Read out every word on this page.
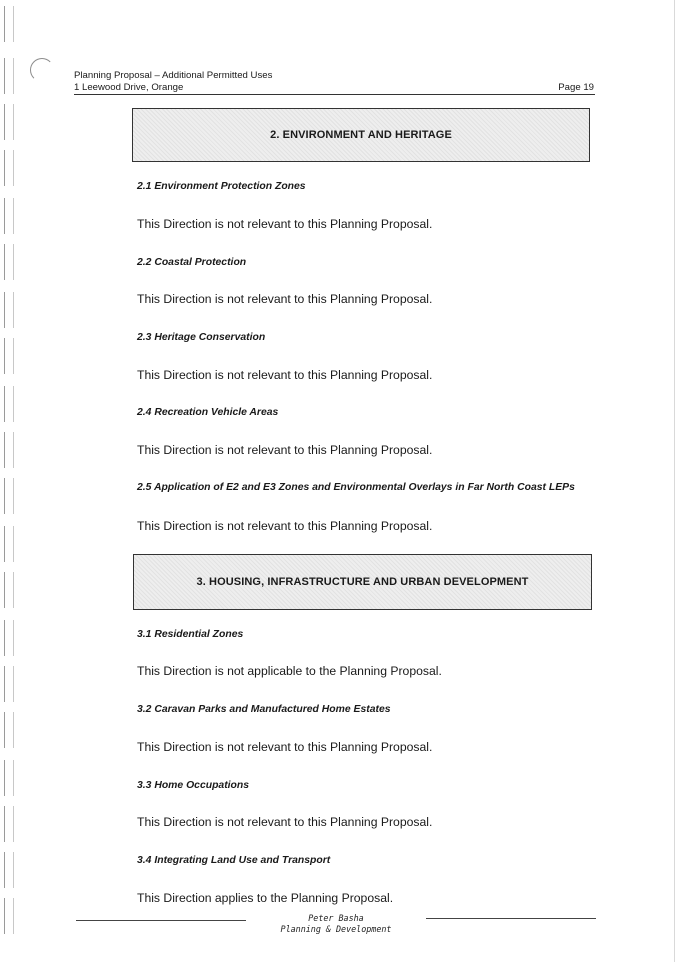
Planning Proposal – Additional Permitted Uses
1 Leewood Drive, Orange	Page 19
2. ENVIRONMENT AND HERITAGE
2.1 Environment Protection Zones
This Direction is not relevant to this Planning Proposal.
2.2 Coastal Protection
This Direction is not relevant to this Planning Proposal.
2.3 Heritage Conservation
This Direction is not relevant to this Planning Proposal.
2.4 Recreation Vehicle Areas
This Direction is not relevant to this Planning Proposal.
2.5 Application of E2 and E3 Zones and Environmental Overlays in Far North Coast LEPs
This Direction is not relevant to this Planning Proposal.
3. HOUSING, INFRASTRUCTURE AND URBAN DEVELOPMENT
3.1 Residential Zones
This Direction is not applicable to the Planning Proposal.
3.2 Caravan Parks and Manufactured Home Estates
This Direction is not relevant to this Planning Proposal.
3.3 Home Occupations
This Direction is not relevant to this Planning Proposal.
3.4 Integrating Land Use and Transport
This Direction applies to the Planning Proposal.
Peter Basha
Planning & Development
